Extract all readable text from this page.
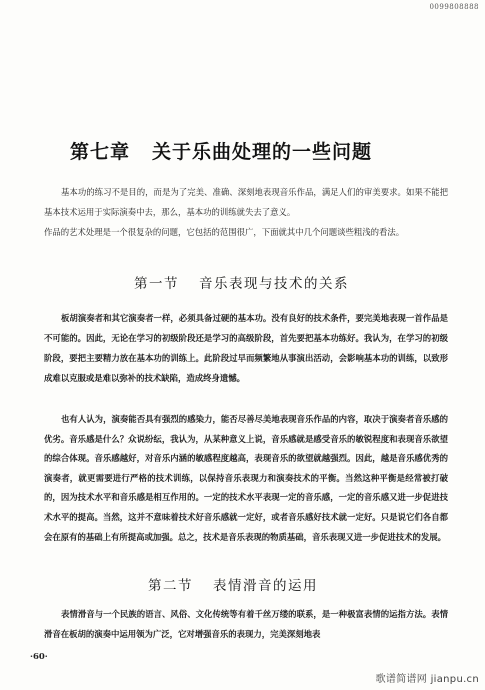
0099808888
第七章 关于乐曲处理的一些问题

基本功的练习不是目的，而是为了完美、准确、深刻地表现音乐作品，满足人们的审美要求。如果不能把基本技术运用于实际演奏中去，那么，基本功的训练就失去了意义。

作品的艺术处理是一个很复杂的问题，它包括的范围很广，下面就其中几个问题谈些粗浅的看法。

第一节 音乐表现与技术的关系

板胡演奏者和其它演奏者一样，必须具备过硬的基本功。没有良好的技术条件，要完美地表现一首作品是不可能的。因此，无论在学习的初级阶段还是学习的高级阶段，首先要把基本功练好。我认为，在学习的初级阶段，要把主要精力放在基本功的训练上。此阶段过早而频繁地从事演出活动，会影响基本功的训练，以致形成难以克服或是难以弥补的技术缺陷，造成终身遗憾。

也有人认为，演奏能否具有强烈的感染力，能否尽善尽美地表现音乐作品的内容，取决于演奏者音乐感的优劣。音乐感是什么？众说纷纭，我认为，从某种意义上说，音乐感就是感受音乐的敏锐程度和表现音乐欲望的综合体现。音乐感越好，对音乐内涵的敏感程度越高，表现音乐的欲望就越强烈。因此，越是音乐感优秀的演奏者，就更需要进行严格的技术训练，以保持音乐表现力和演奏技术的平衡。当然这种平衡是经常被打破的，因为技术水平和音乐感是相互作用的。一定的技术水平表现一定的音乐感，一定的音乐感又进一步促进技术水平的提高。当然，这并不意味着技术好音乐感就一定好，或者音乐感好技术就一定好。只是说它们各自都会在原有的基础上有所提高或加强。总之，技术是音乐表现的物质基础，音乐表现又进一步促进技术的发展。

第二节 表情滑音的运用

表情滑音与一个民族的语言、风俗、文化传统等有着千丝万缕的联系，是一种极富表情的运指方法。表情滑音在板胡的演奏中运用领为广泛，它对增强音乐的表现力，完美深刻地表

·60·
歌谱简谱网 jianpu.cn
